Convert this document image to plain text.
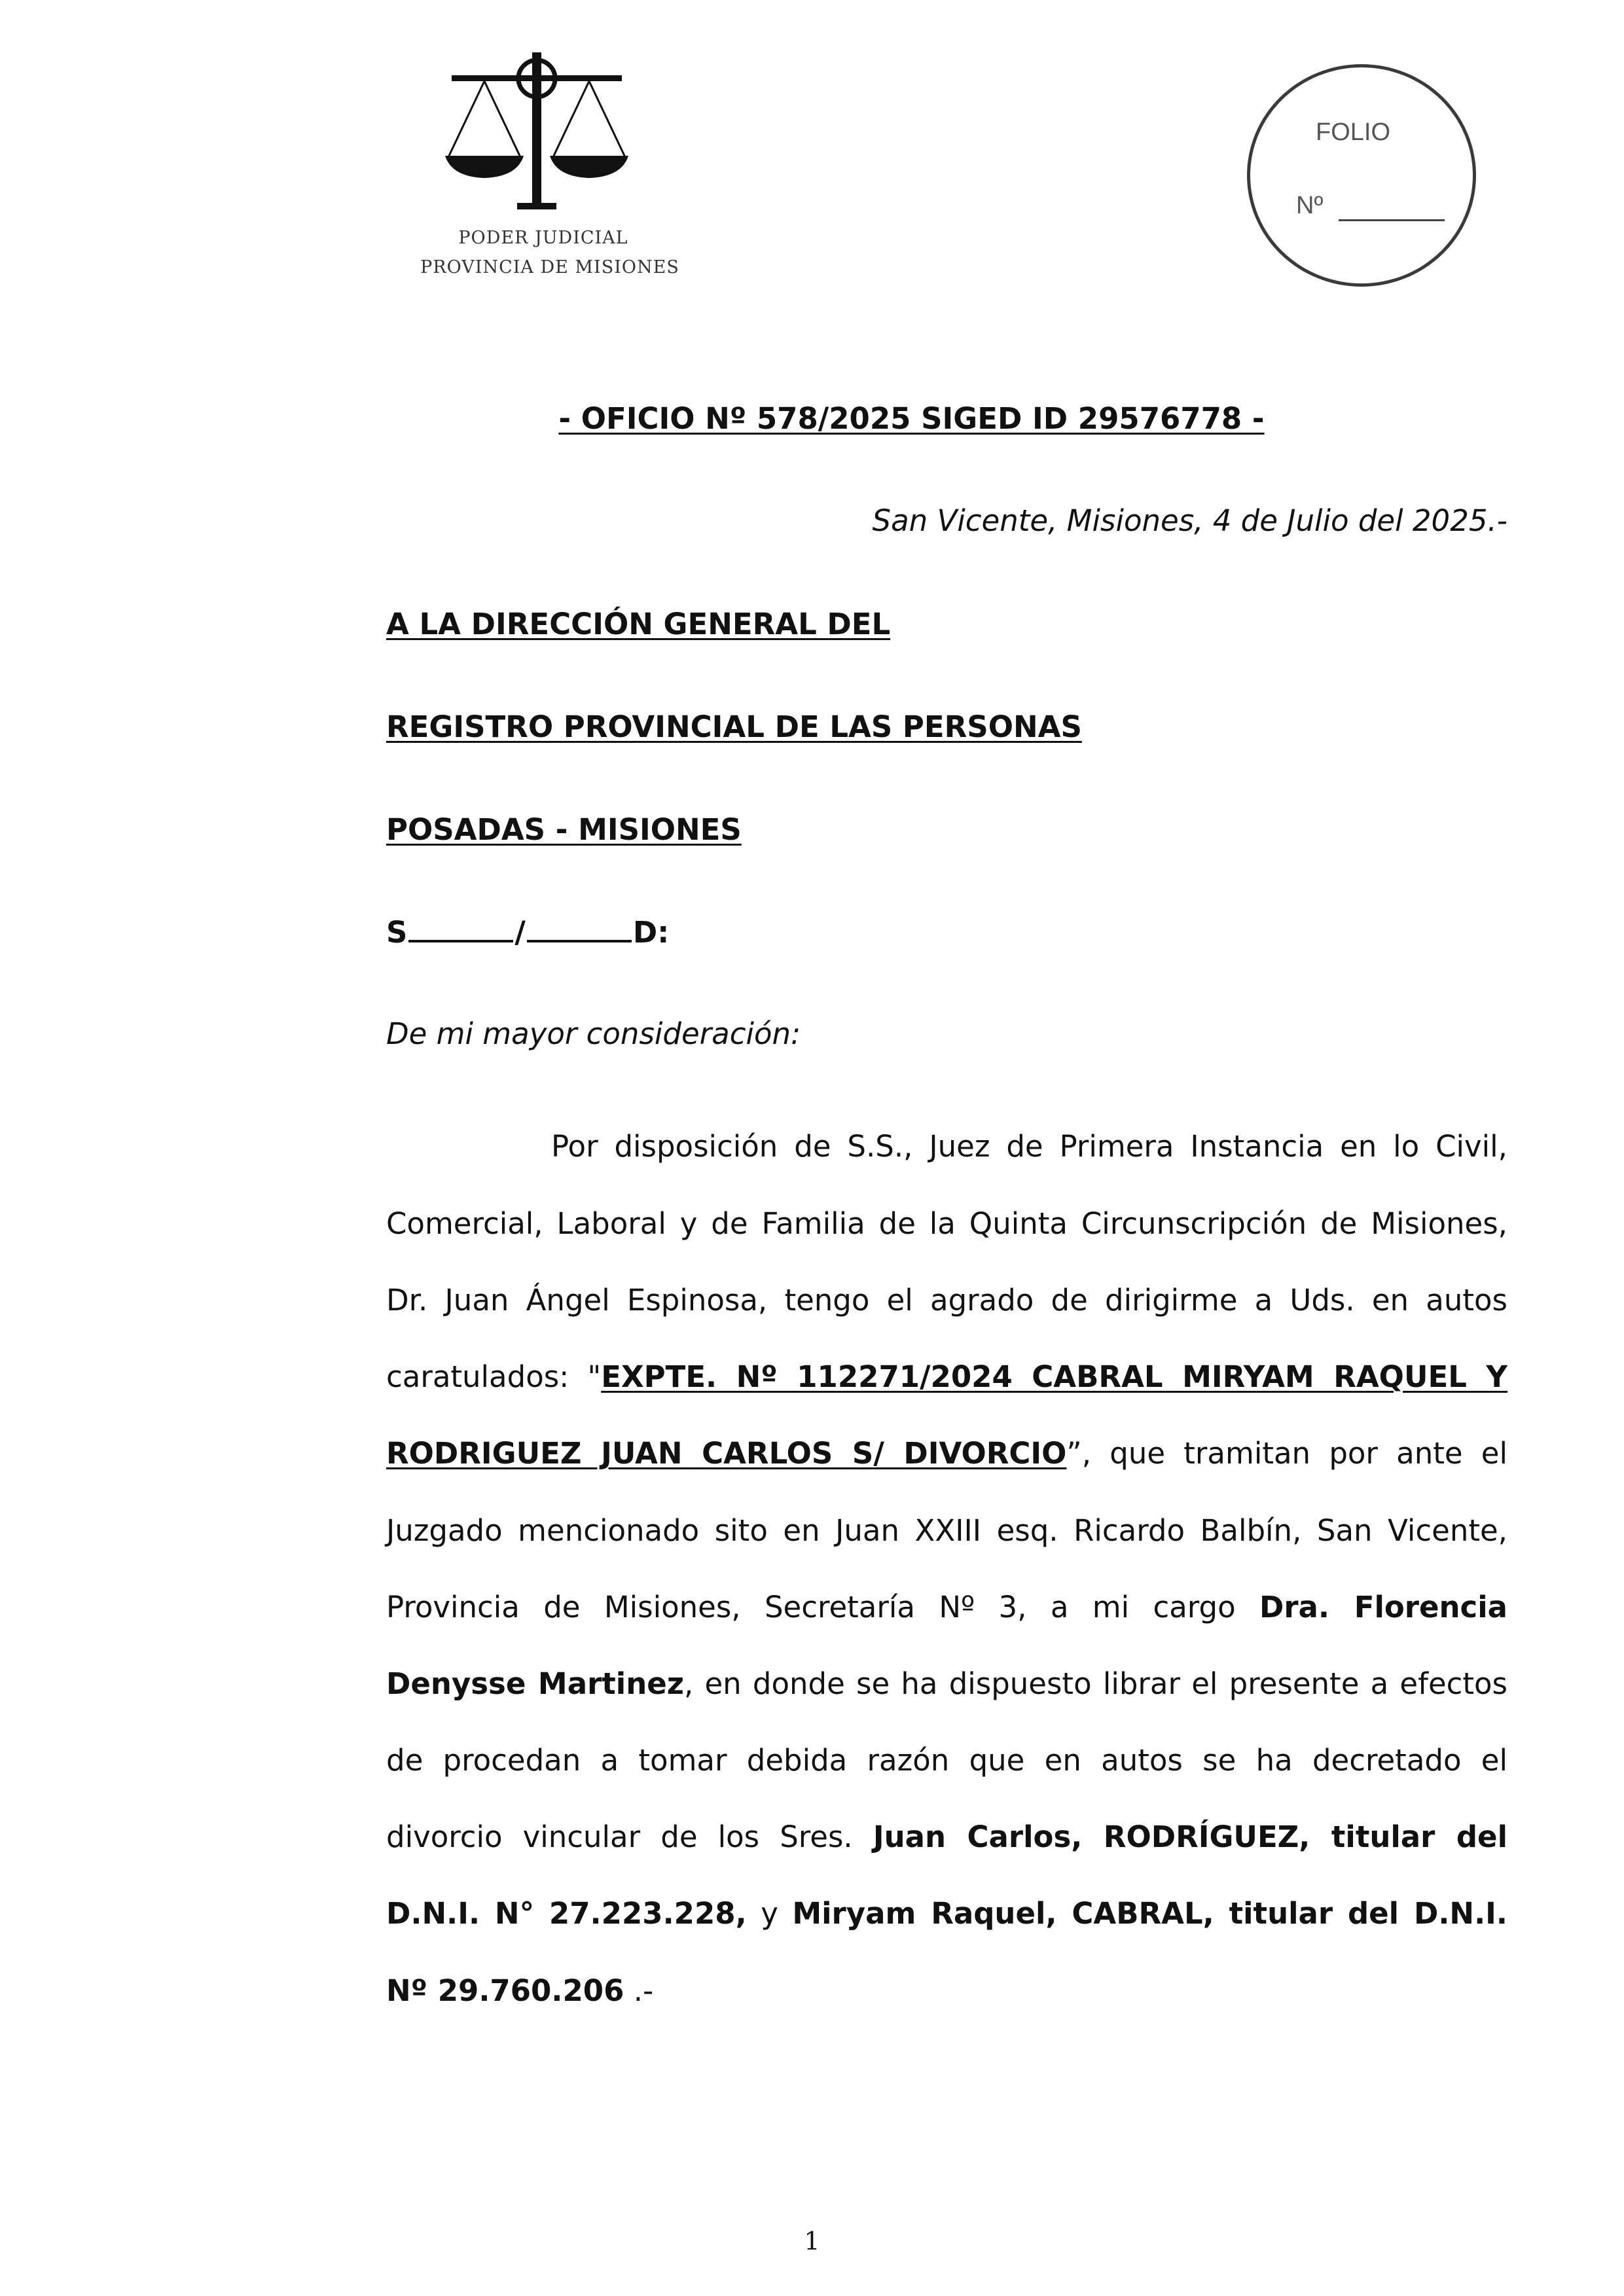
PODER JUDICIAL
PROVINCIA DE MISIONES
FOLIO
Nº
- OFICIO Nº 578/2025 SIGED ID 29576778 -
San Vicente, Misiones, 4 de Julio del 2025.-
A LA DIRECCIÓN GENERAL DEL
REGISTRO PROVINCIAL DE LAS PERSONAS
POSADAS - MISIONES
S	/	D:
De mi mayor consideración:
Por disposición de S.S., Juez de Primera Instancia en lo Civil,
Comercial, Laboral y de Familia de la Quinta Circunscripción de Misiones,
Dr. Juan Ángel Espinosa, tengo el agrado de dirigirme a Uds. en autos
caratulados: "EXPTE. Nº 112271/2024 CABRAL MIRYAM RAQUEL Y
RODRIGUEZ JUAN CARLOS S/ DIVORCIO”, que tramitan por ante el
Juzgado mencionado sito en Juan XXIII esq. Ricardo Balbín, San Vicente,
Provincia de Misiones, Secretaría Nº 3, a mi cargo Dra. Florencia
Denysse Martinez, en donde se ha dispuesto librar el presente a efectos
de procedan a tomar debida razón que en autos se ha decretado el
divorcio vincular de los Sres. Juan Carlos, RODRÍGUEZ, titular del
D.N.I. N° 27.223.228, y Miryam Raquel, CABRAL, titular del D.N.I.
Nº 29.760.206 .-
1
